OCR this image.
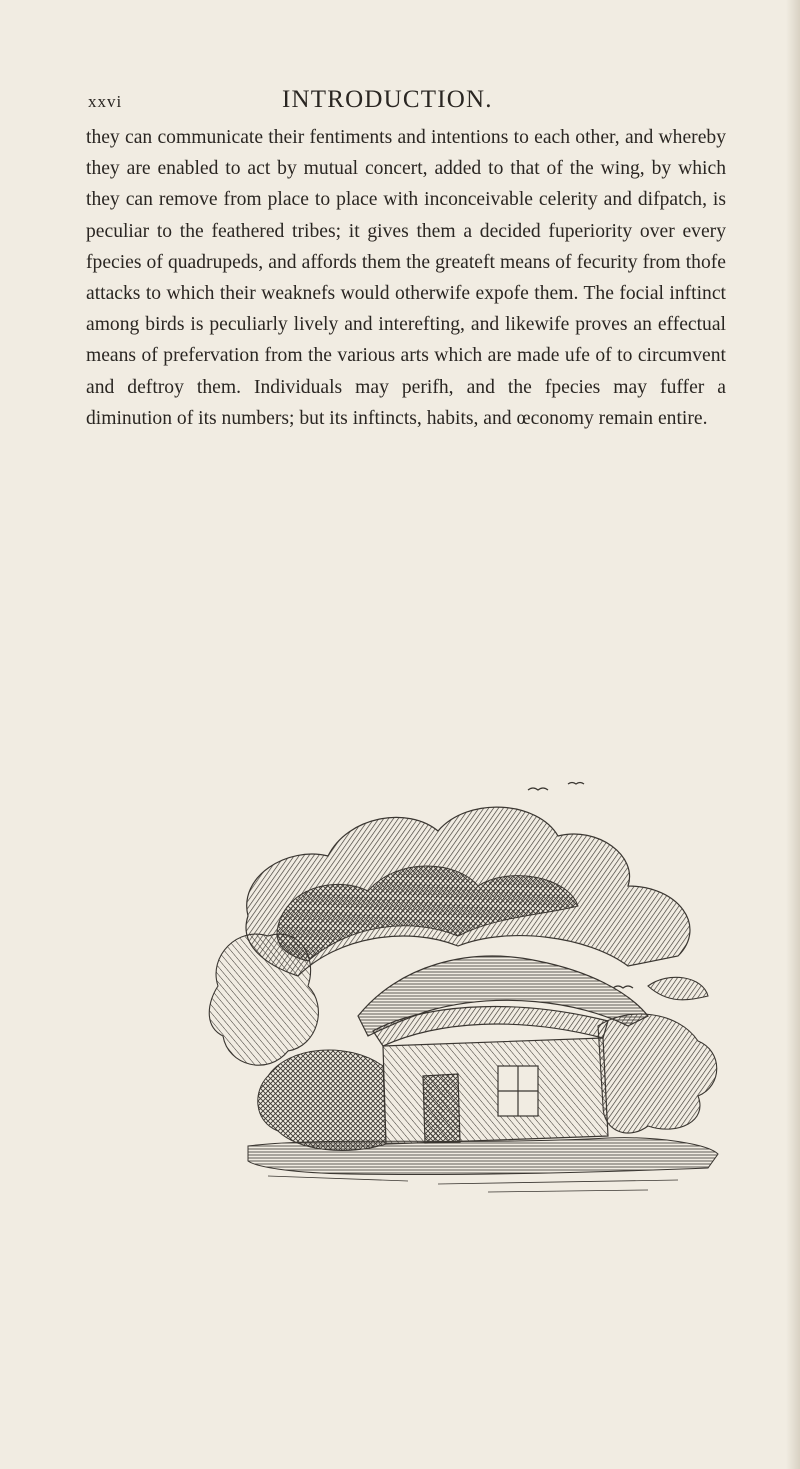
xxvi	INTRODUCTION.

they can communicate their fentiments and intentions to each other, and whereby they are enabled to act by mutual concert, added to that of the wing, by which they can remove from place to place with inconceivable celerity and difpatch, is peculiar to the feathered tribes; it gives them a decided fuperiority over every fpecies of quadrupeds, and affords them the greateft means of fecurity from thofe attacks to which their weaknefs would otherwife expofe them. The focial inftinct among birds is peculiarly lively and interefting, and likewife proves an effectual means of prefervation from the various arts which are made ufe of to circumvent and deftroy them. Individuals may perifh, and the fpecies may fuffer a diminution of its numbers; but its inftincts, habits, and œconomy remain entire.
